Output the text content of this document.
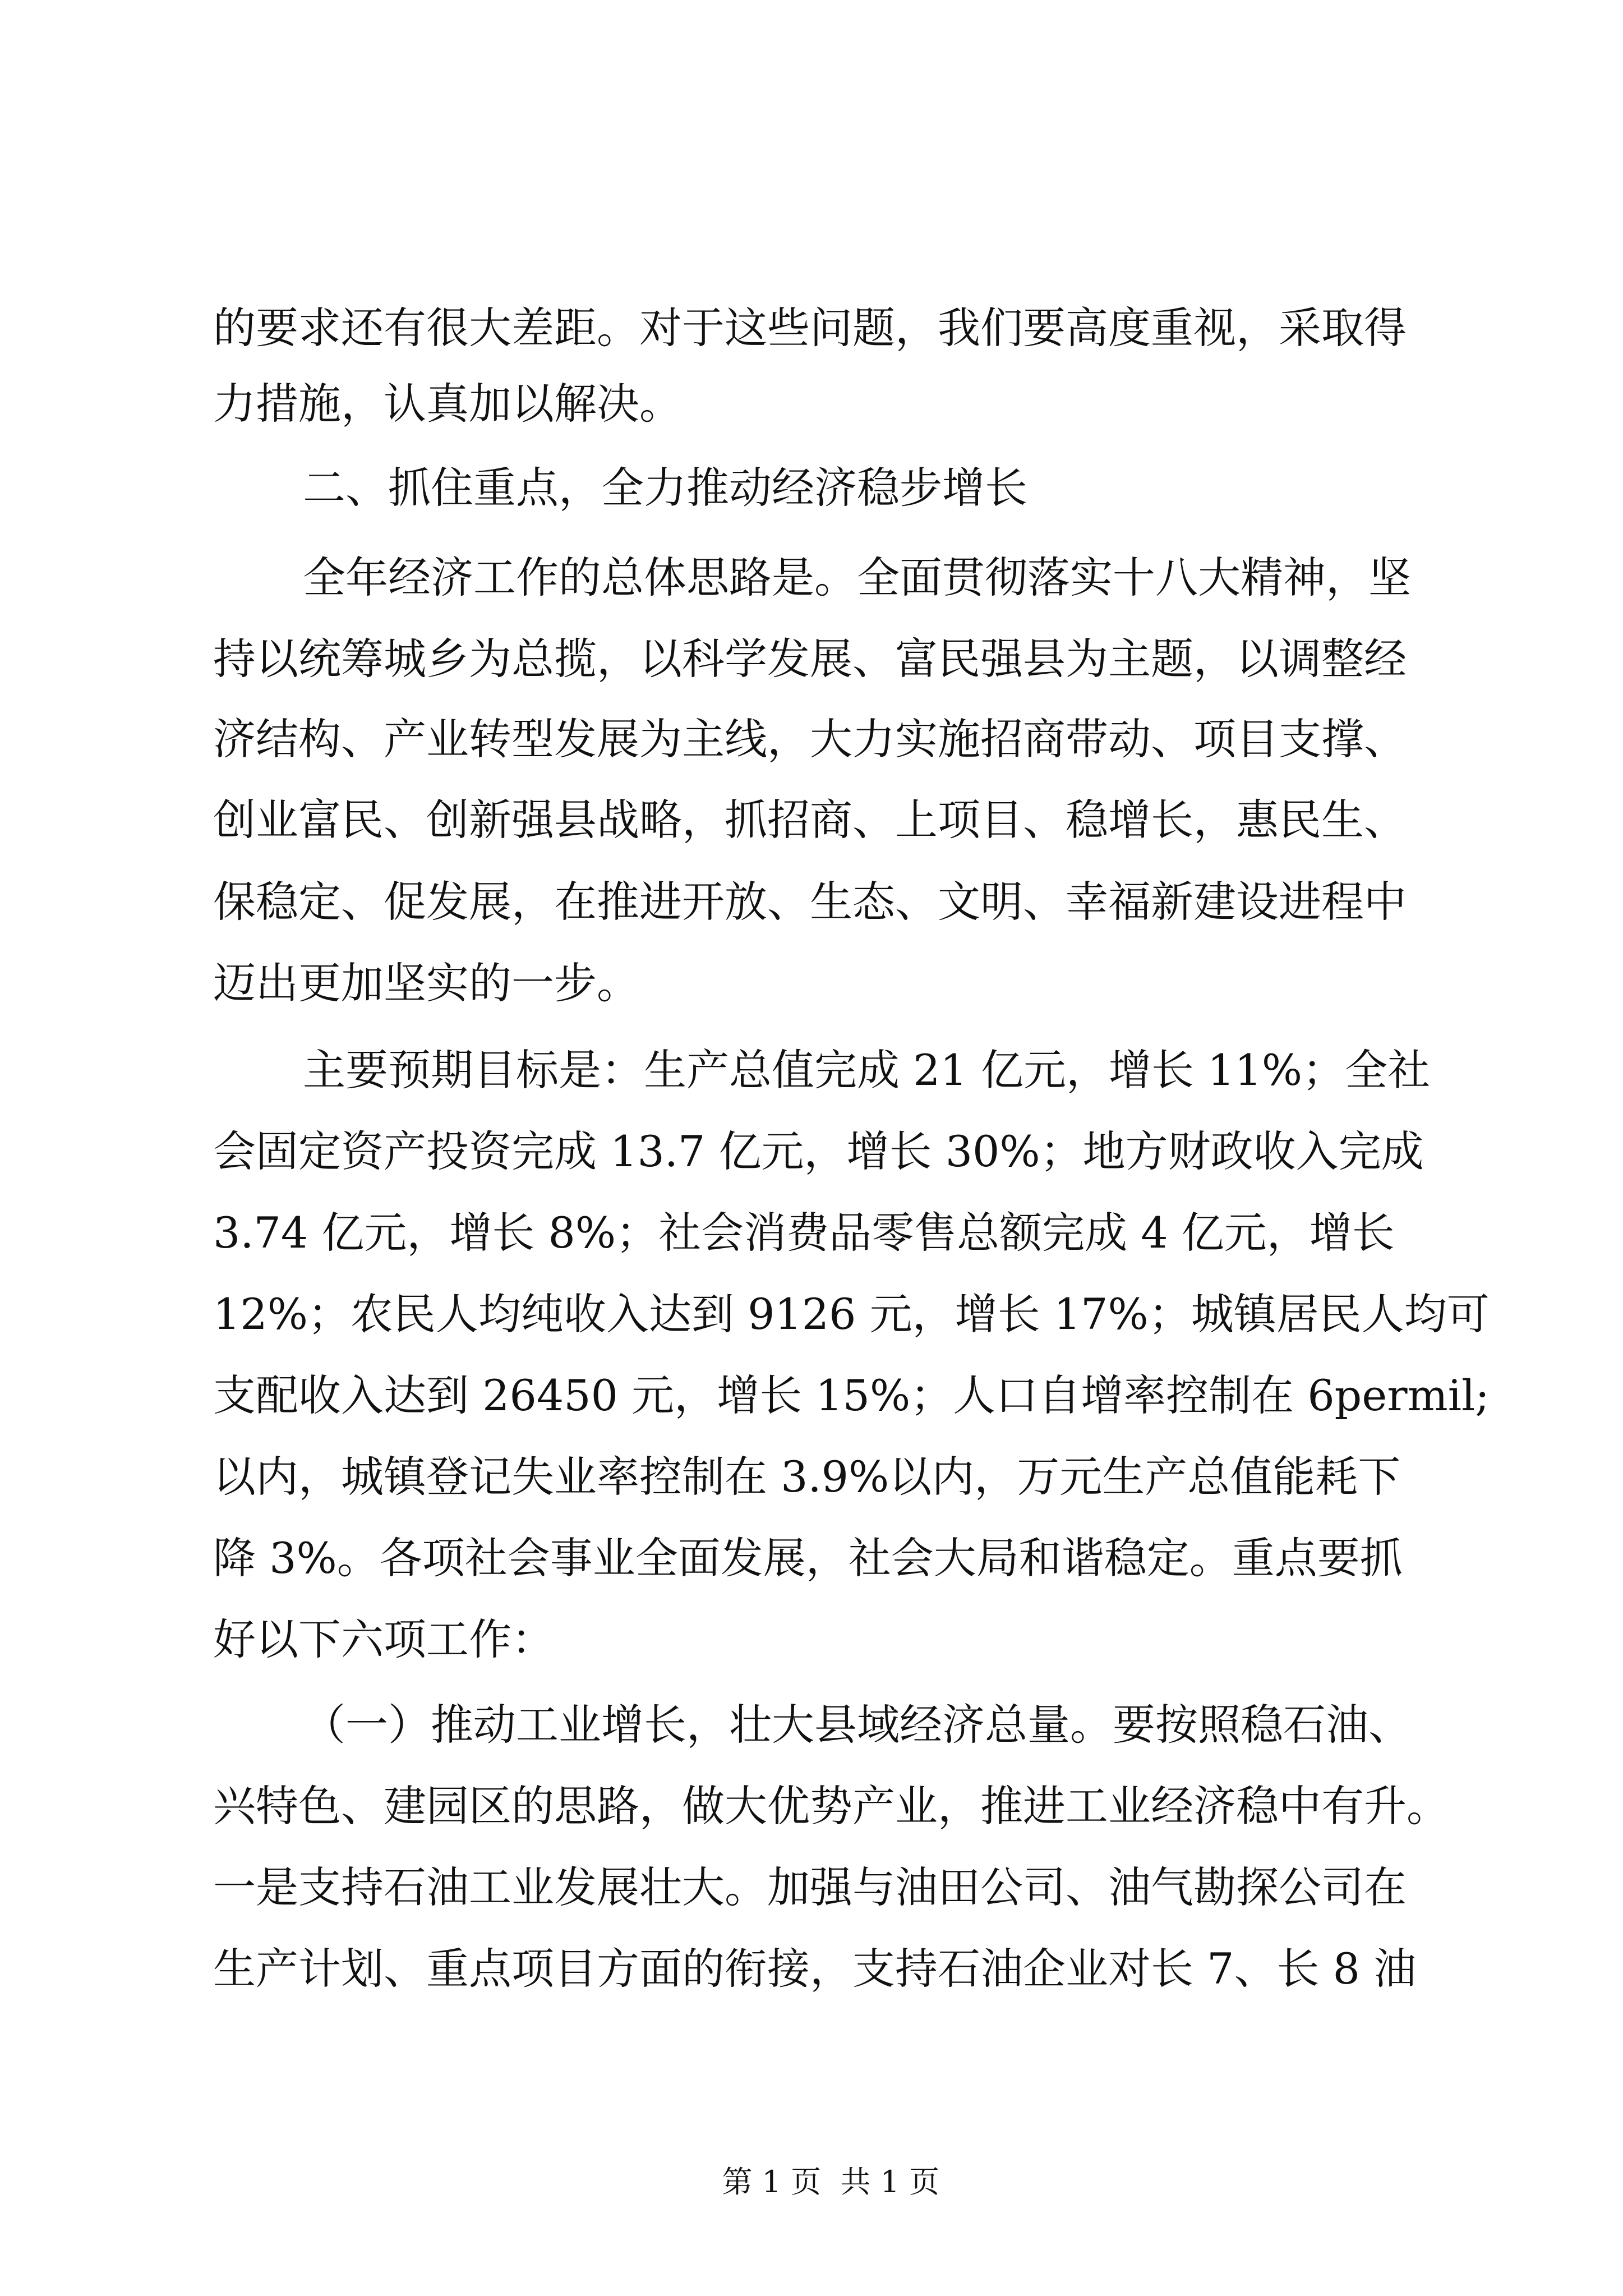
的要求还有很大差距。对于这些问题，我们要高度重视，采取得

力措施，认真加以解决。

二、抓住重点，全力推动经济稳步增长

全年经济工作的总体思路是。全面贯彻落实十八大精神，坚

持以统筹城乡为总揽，以科学发展、富民强县为主题，以调整经

济结构、产业转型发展为主线，大力实施招商带动、项目支撑、

创业富民、创新强县战略，抓招商、上项目、稳增长，惠民生、

保稳定、促发展，在推进开放、生态、文明、幸福新建设进程中

迈出更加坚实的一步。

主要预期目标是：生产总值完成 21 亿元，增长 11%；全社

会固定资产投资完成 13.7 亿元，增长 30%；地方财政收入完成

3.74 亿元，增长 8%；社会消费品零售总额完成 4 亿元，增长

12%；农民人均纯收入达到 9126 元，增长 17%；城镇居民人均可

支配收入达到 26450 元，增长 15%；人口自增率控制在 6permil;

以内，城镇登记失业率控制在 3.9%以内，万元生产总值能耗下

降 3%。各项社会事业全面发展，社会大局和谐稳定。重点要抓

好以下六项工作：

（一）推动工业增长，壮大县域经济总量。要按照稳石油、

兴特色、建园区的思路，做大优势产业，推进工业经济稳中有升。

一是支持石油工业发展壮大。加强与油田公司、油气勘探公司在

生产计划、重点项目方面的衔接，支持石油企业对长 7、长 8 油

第 1 页  共 1 页
